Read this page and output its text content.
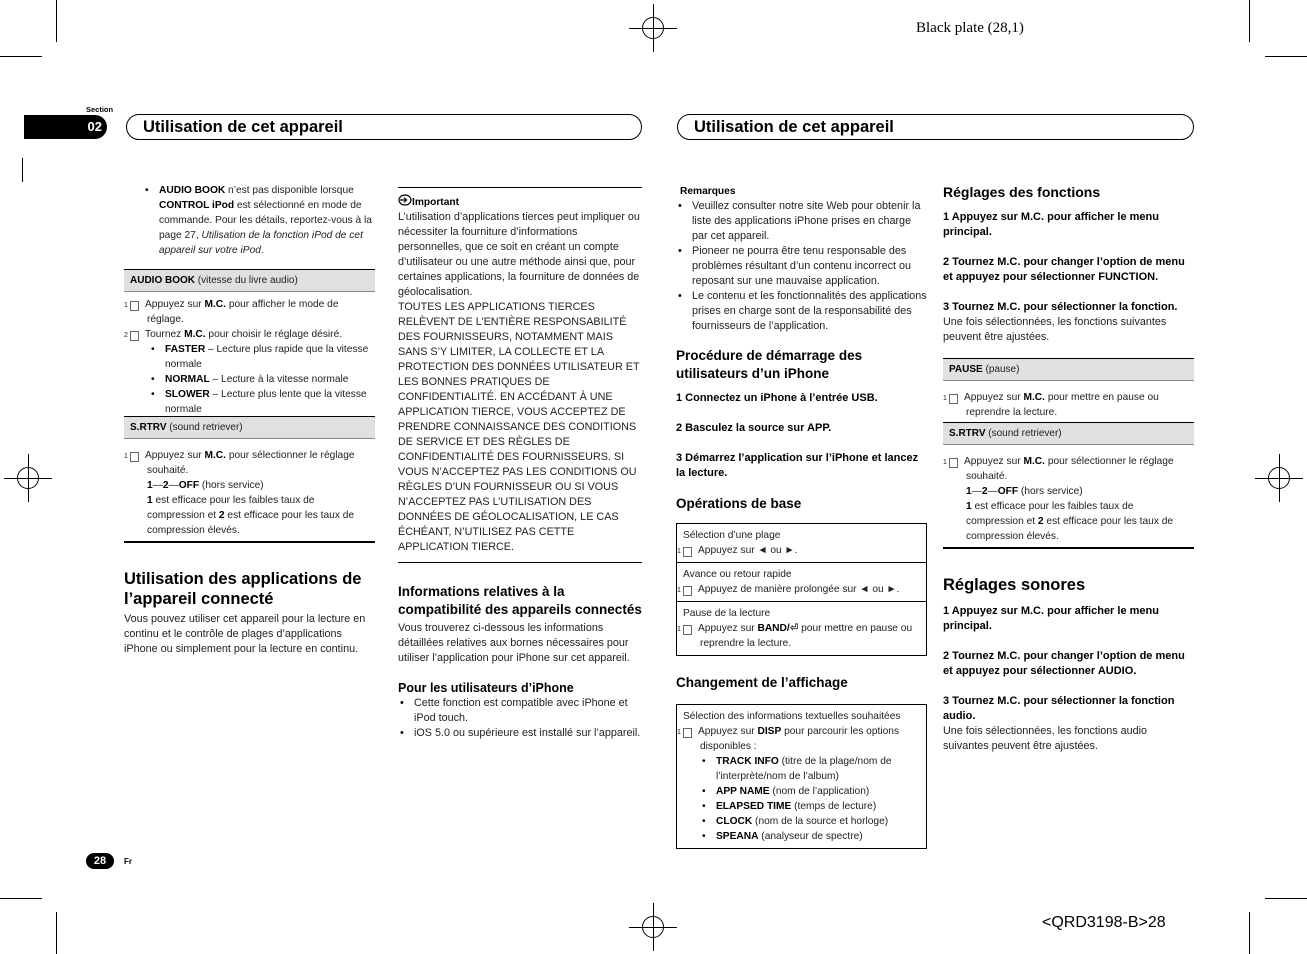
Black plate (28,1)
<QRD3198-B>28
Section
02	Utilisation de cet appareil	Utilisation de cet appareil
• AUDIO BOOK n’est pas disponible lorsque CONTROL iPod est sélectionné en mode de commande. Pour les détails, reportez-vous à la page 27, Utilisation de la fonction iPod de cet appareil sur votre iPod.
AUDIO BOOK (vitesse du livre audio)
1 Appuyez sur M.C. pour afficher le mode de réglage.
2 Tournez M.C. pour choisir le réglage désiré.
• FASTER – Lecture plus rapide que la vitesse normale
• NORMAL – Lecture à la vitesse normale
• SLOWER – Lecture plus lente que la vitesse normale
S.RTRV (sound retriever)
1 Appuyez sur M.C. pour sélectionner le réglage souhaité.
1—2—OFF (hors service)
1 est efficace pour les faibles taux de compression et 2 est efficace pour les taux de compression élevés.
Utilisation des applications de l’appareil connecté
Vous pouvez utiliser cet appareil pour la lecture en continu et le contrôle de plages d’applications iPhone ou simplement pour la lecture en continu.
Important
L’utilisation d’applications tierces peut impliquer ou nécessiter la fourniture d’informations personnelles, que ce soit en créant un compte d’utilisateur ou une autre méthode ainsi que, pour certaines applications, la fourniture de données de géolocalisation.
TOUTES LES APPLICATIONS TIERCES RELÈVENT DE L’ENTIÈRE RESPONSABILITÉ DES FOURNISSEURS, NOTAMMENT MAIS SANS S’Y LIMITER, LA COLLECTE ET LA PROTECTION DES DONNÉES UTILISATEUR ET LES BONNES PRATIQUES DE CONFIDENTIALITÉ. EN ACCÉDANT À UNE APPLICATION TIERCE, VOUS ACCEPTEZ DE PRENDRE CONNAISSANCE DES CONDITIONS DE SERVICE ET DES RÈGLES DE CONFIDENTIALITÉ DES FOURNISSEURS. SI VOUS N’ACCEPTEZ PAS LES CONDITIONS OU RÈGLES D’UN FOURNISSEUR OU SI VOUS N’ACCEPTEZ PAS L’UTILISATION DES DONNÉES DE GÉOLOCALISATION, LE CAS ÉCHÉANT, N’UTILISEZ PAS CETTE APPLICATION TIERCE.
Informations relatives à la compatibilité des appareils connectés
Vous trouverez ci-dessous les informations détaillées relatives aux bornes nécessaires pour utiliser l’application pour iPhone sur cet appareil.
Pour les utilisateurs d’iPhone
• Cette fonction est compatible avec iPhone et iPod touch.
• iOS 5.0 ou supérieure est installé sur l’appareil.
Remarques
• Veuillez consulter notre site Web pour obtenir la liste des applications iPhone prises en charge par cet appareil.
• Pioneer ne pourra être tenu responsable des problèmes résultant d’un contenu incorrect ou reposant sur une mauvaise application.
• Le contenu et les fonctionnalités des applications prises en charge sont de la responsabilité des fournisseurs de l’application.
Procédure de démarrage des utilisateurs d’un iPhone
1 Connectez un iPhone à l’entrée USB.
2 Basculez la source sur APP.
3 Démarrez l’application sur l’iPhone et lancez la lecture.
Opérations de base
Sélection d’une plage
1 Appuyez sur ◄ ou ►.
Avance ou retour rapide
1 Appuyez de manière prolongée sur ◄ ou ►.
Pause de la lecture
1 Appuyez sur BAND/⏎ pour mettre en pause ou reprendre la lecture.
Changement de l’affichage
Sélection des informations textuelles souhaitées
1 Appuyez sur DISP pour parcourir les options disponibles :
• TRACK INFO (titre de la plage/nom de l’interprète/nom de l’album)
• APP NAME (nom de l’application)
• ELAPSED TIME (temps de lecture)
• CLOCK (nom de la source et horloge)
• SPEANA (analyseur de spectre)
Réglages des fonctions
1 Appuyez sur M.C. pour afficher le menu principal.
2 Tournez M.C. pour changer l’option de menu et appuyez pour sélectionner FUNCTION.
3 Tournez M.C. pour sélectionner la fonction.
Une fois sélectionnées, les fonctions suivantes peuvent être ajustées.
PAUSE (pause)
1 Appuyez sur M.C. pour mettre en pause ou reprendre la lecture.
S.RTRV (sound retriever)
1 Appuyez sur M.C. pour sélectionner le réglage souhaité.
1—2—OFF (hors service)
1 est efficace pour les faibles taux de compression et 2 est efficace pour les taux de compression élevés.
Réglages sonores
1 Appuyez sur M.C. pour afficher le menu principal.
2 Tournez M.C. pour changer l’option de menu et appuyez pour sélectionner AUDIO.
3 Tournez M.C. pour sélectionner la fonction audio.
Une fois sélectionnées, les fonctions audio suivantes peuvent être ajustées.
28	Fr
